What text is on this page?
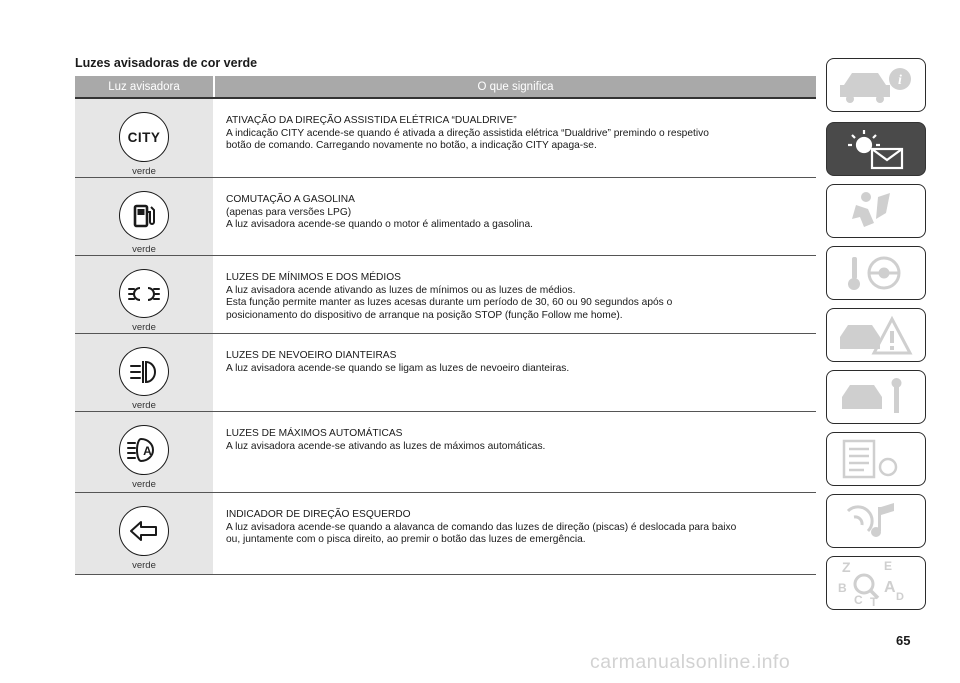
Luzes avisadoras de cor verde
Luz avisadora	O que significa
CITY
verde
ATIVAÇÃO DA DIREÇÃO ASSISTIDA ELÉTRICA “DUALDRIVE”
A indicação CITY acende-se quando é ativada a direção assistida elétrica “Dualdrive” premindo o respetivo
botão de comando. Carregando novamente no botão, a indicação CITY apaga-se.
verde
COMUTAÇÃO A GASOLINA
(apenas para versões LPG)
A luz avisadora acende-se quando o motor é alimentado a gasolina.
verde
LUZES DE MÍNIMOS E DOS MÉDIOS
A luz avisadora acende ativando as luzes de mínimos ou as luzes de médios.
Esta função permite manter as luzes acesas durante um período de 30, 60 ou 90 segundos após o
posicionamento do dispositivo de arranque na posição STOP (função Follow me home).
verde
LUZES DE NEVOEIRO DIANTEIRAS
A luz avisadora acende-se quando se ligam as luzes de nevoeiro dianteiras.
A
verde
LUZES DE MÁXIMOS AUTOMÁTICAS
A luz avisadora acende-se ativando as luzes de máximos automáticas.
verde
INDICADOR DE DIREÇÃO ESQUERDO
A luz avisadora acende-se quando a alavanca de comando das luzes de direção (piscas) é deslocada para baixo
ou, juntamente com o pisca direito, ao premir o botão das luzes de emergência.
i
Z	E
B A
C T D
65
carmanualsonline.info
